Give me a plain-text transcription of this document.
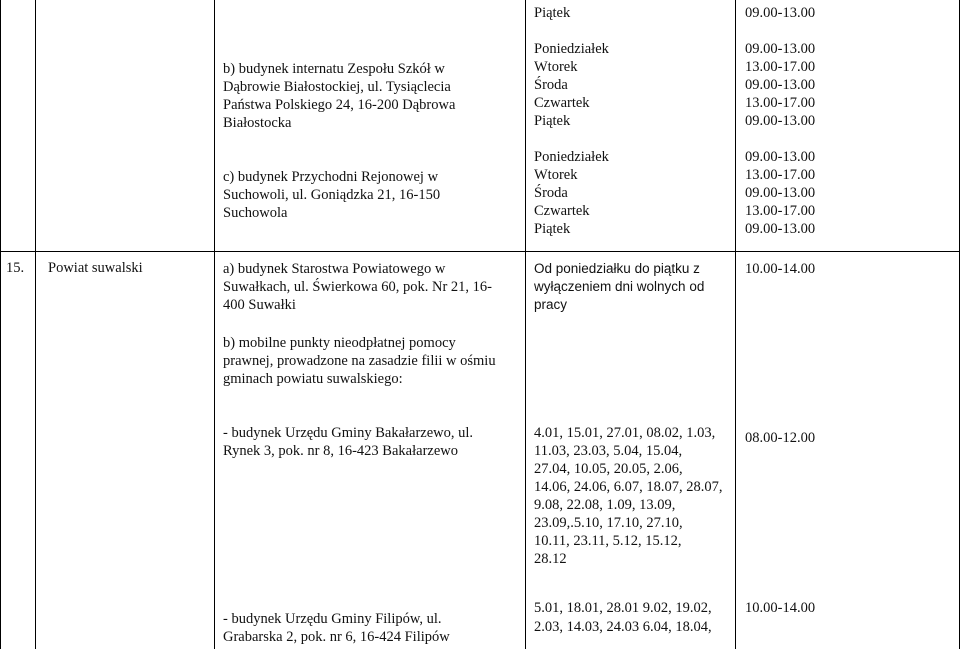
Piątek	09.00-13.00
b) budynek internatu Zespołu Szkół w
Dąbrowie Białostockiej, ul. Tysiąclecia
Państwa Polskiego 24, 16-200 Dąbrowa
Białostocka
Poniedziałek
Wtorek
Środa
Czwartek
Piątek
09.00-13.00
13.00-17.00
09.00-13.00
13.00-17.00
09.00-13.00
c) budynek Przychodni Rejonowej w
Suchowoli, ul. Goniądzka 21, 16-150
Suchowola
Poniedziałek
Wtorek
Środa
Czwartek
Piątek
09.00-13.00
13.00-17.00
09.00-13.00
13.00-17.00
09.00-13.00
15. Powiat suwalski	a) budynek Starostwa Powiatowego w
Suwałkach, ul. Świerkowa 60, pok. Nr 21, 16-
400 Suwałki
Od poniedziałku do piątku z
wyłączeniem dni wolnych od
pracy
10.00-14.00
b) mobilne punkty nieodpłatnej pomocy
prawnej, prowadzone na zasadzie filii w ośmiu
gminach powiatu suwalskiego:
- budynek Urzędu Gminy Bakałarzewo, ul.
Rynek 3, pok. nr 8, 16-423 Bakałarzewo
4.01, 15.01, 27.01, 08.02, 1.03,
11.03, 23.03, 5.04, 15.04,
27.04, 10.05, 20.05, 2.06,
14.06, 24.06, 6.07, 18.07, 28.07,
9.08, 22.08, 1.09, 13.09,
23.09,.5.10, 17.10, 27.10,
10.11, 23.11, 5.12, 15.12,
28.12
08.00-12.00
- budynek Urzędu Gminy Filipów, ul.
Grabarska 2, pok. nr 6, 16-424 Filipów
5.01, 18.01, 28.01 9.02, 19.02,
2.03, 14.03, 24.03 6.04, 18.04,
10.00-14.00
